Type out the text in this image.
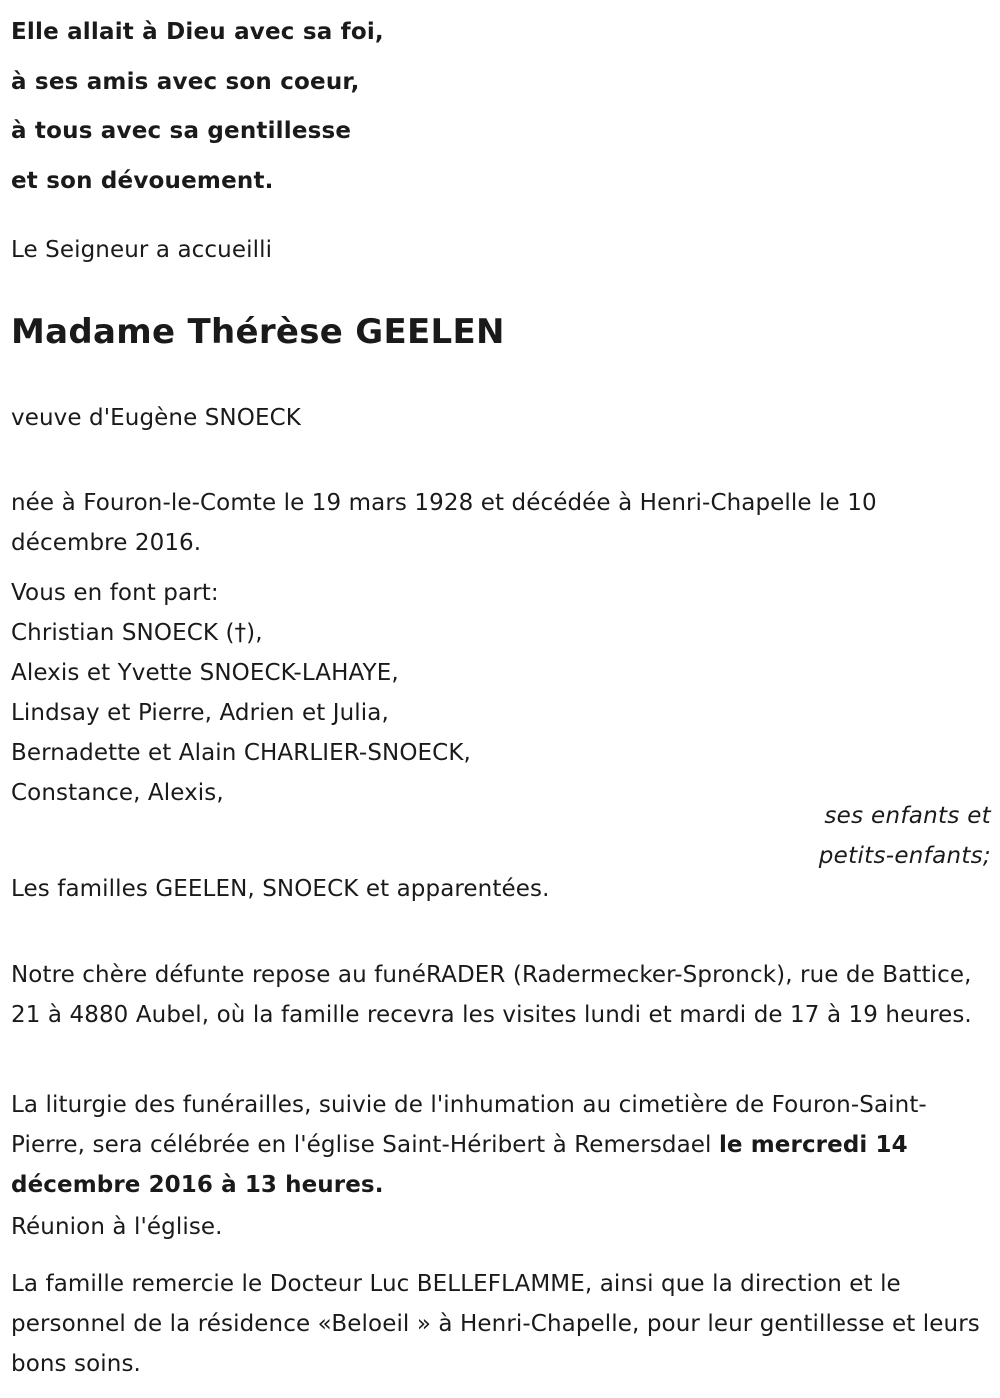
Elle allait à Dieu avec sa foi,
à ses amis avec son coeur,
à tous avec sa gentillesse
et son dévouement.
Le Seigneur a accueilli
Madame Thérèse GEELEN
veuve d'Eugène SNOECK
née à Fouron-le-Comte le 19 mars 1928 et décédée à Henri-Chapelle le 10 décembre 2016.
Vous en font part:
Christian SNOECK (†),
Alexis et Yvette SNOECK-LAHAYE,
Lindsay et Pierre, Adrien et Julia,
Bernadette et Alain CHARLIER-SNOECK,
Constance, Alexis,
ses enfants et
petits-enfants;
Les familles GEELEN, SNOECK et apparentées.
Notre chère défunte repose au funéRADER (Radermecker-Spronck), rue de Battice, 21 à 4880 Aubel, où la famille recevra les visites lundi et mardi de 17 à 19 heures.
La liturgie des funérailles, suivie de l'inhumation au cimetière de Fouron-Saint-Pierre, sera célébrée en l'église Saint-Héribert à Remersdael le mercredi 14 décembre 2016 à 13 heures.
Réunion à l'église.
La famille remercie le Docteur Luc BELLEFLAMME, ainsi que la direction et le personnel de la résidence «Beloeil » à Henri-Chapelle, pour leur gentillesse et leurs bons soins.
